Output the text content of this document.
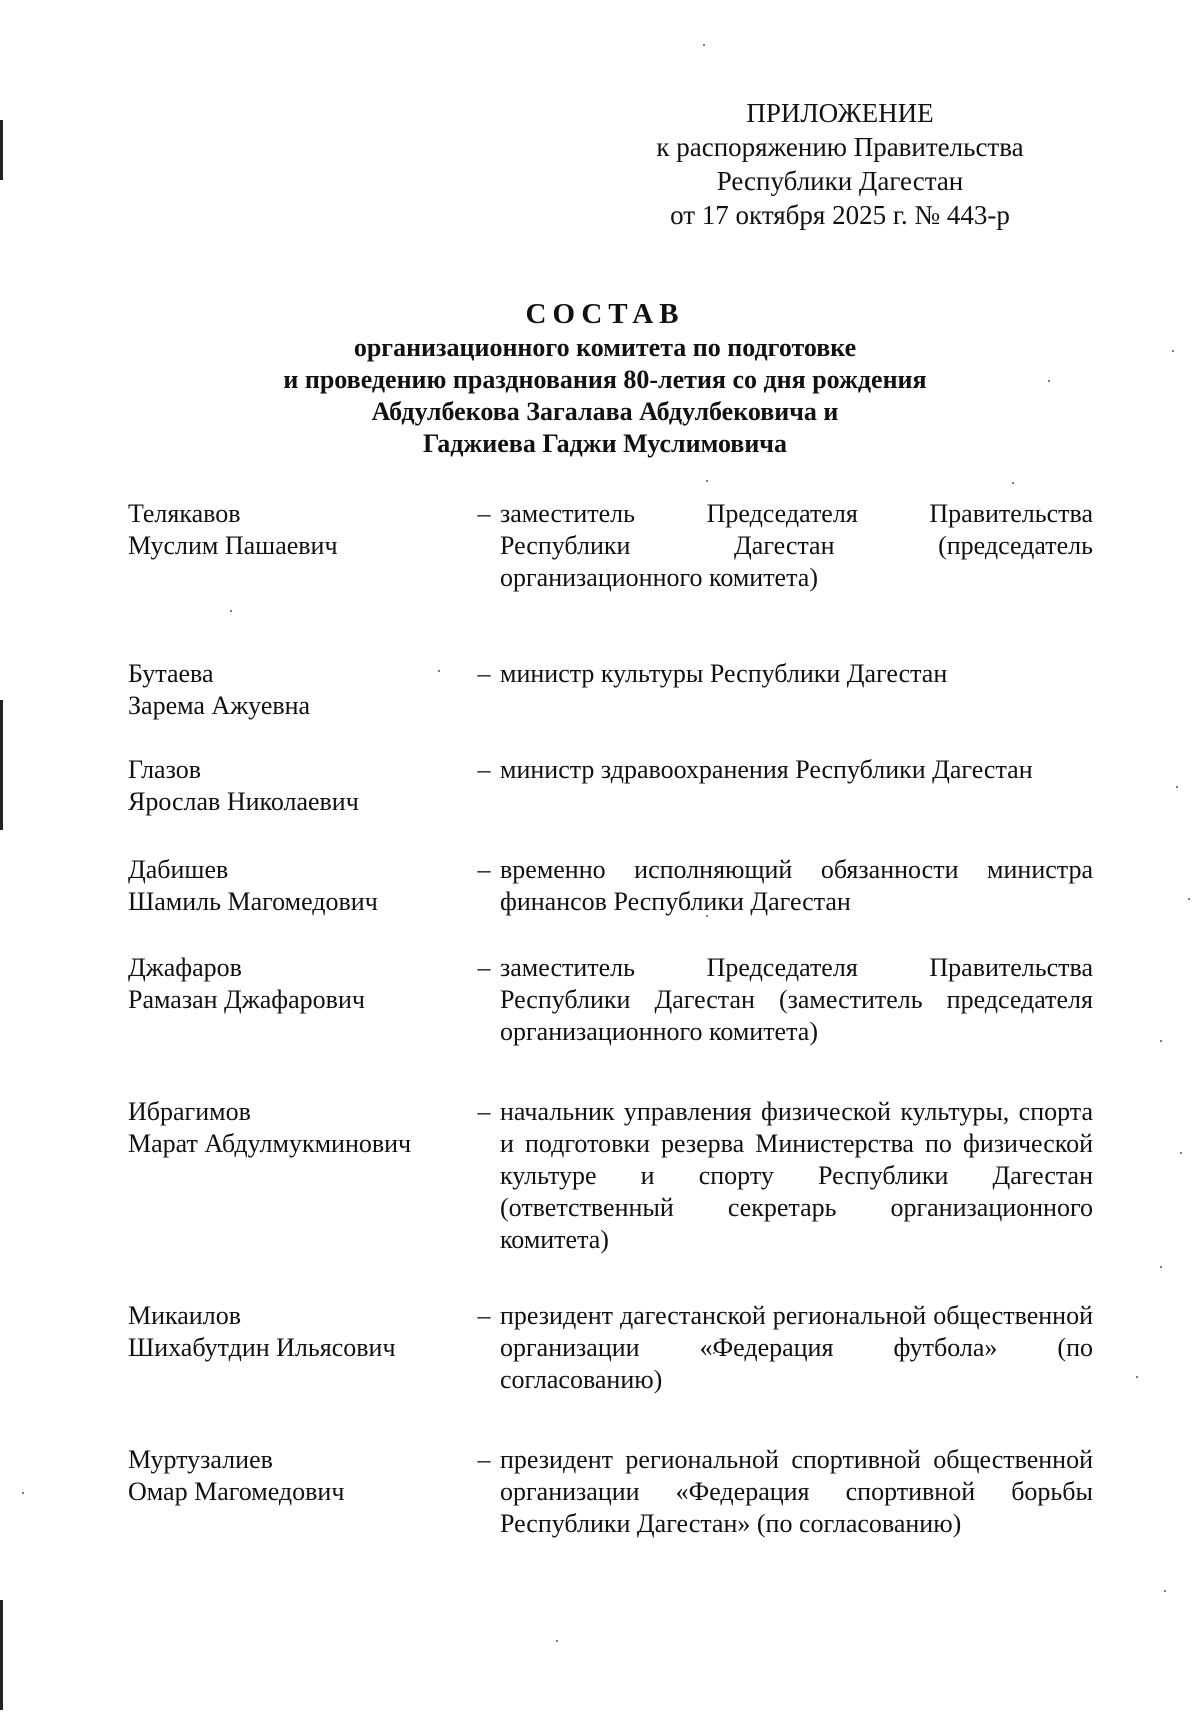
ПРИЛОЖЕНИЕ
к распоряжению Правительства
Республики Дагестан
от 17 октября 2025 г. № 443-р
СОСТАВ
организационного комитета по подготовке
и проведению празднования 80-летия со дня рождения
Абдулбекова Загалава Абдулбековича и
Гаджиева Гаджи Муслимовича
Телякавов
Муслим Пашаевич
– заместитель Председателя Правительства Республики Дагестан (председатель организационного комитета)
Бутаева
Зарема Ажуевна
– министр культуры Республики Дагестан
Глазов
Ярослав Николаевич
– министр здравоохранения Республики Дагестан
Дабишев
Шамиль Магомедович
– временно исполняющий обязанности министра финансов Республики Дагестан
Джафаров
Рамазан Джафарович
– заместитель Председателя Правительства Республики Дагестан (заместитель председателя организационного комитета)
Ибрагимов
Марат Абдулмукминович
– начальник управления физической культуры, спорта и подготовки резерва Министерства по физической культуре и спорту Республики Дагестан (ответственный секретарь организационного комитета)
Микаилов
Шихабутдин Ильясович
– президент дагестанской региональной общественной организации «Федерация футбола» (по согласованию)
Муртузалиев
Омар Магомедович
– президент региональной спортивной общественной организации «Федерация спортивной борьбы Республики Дагестан» (по согласованию)
